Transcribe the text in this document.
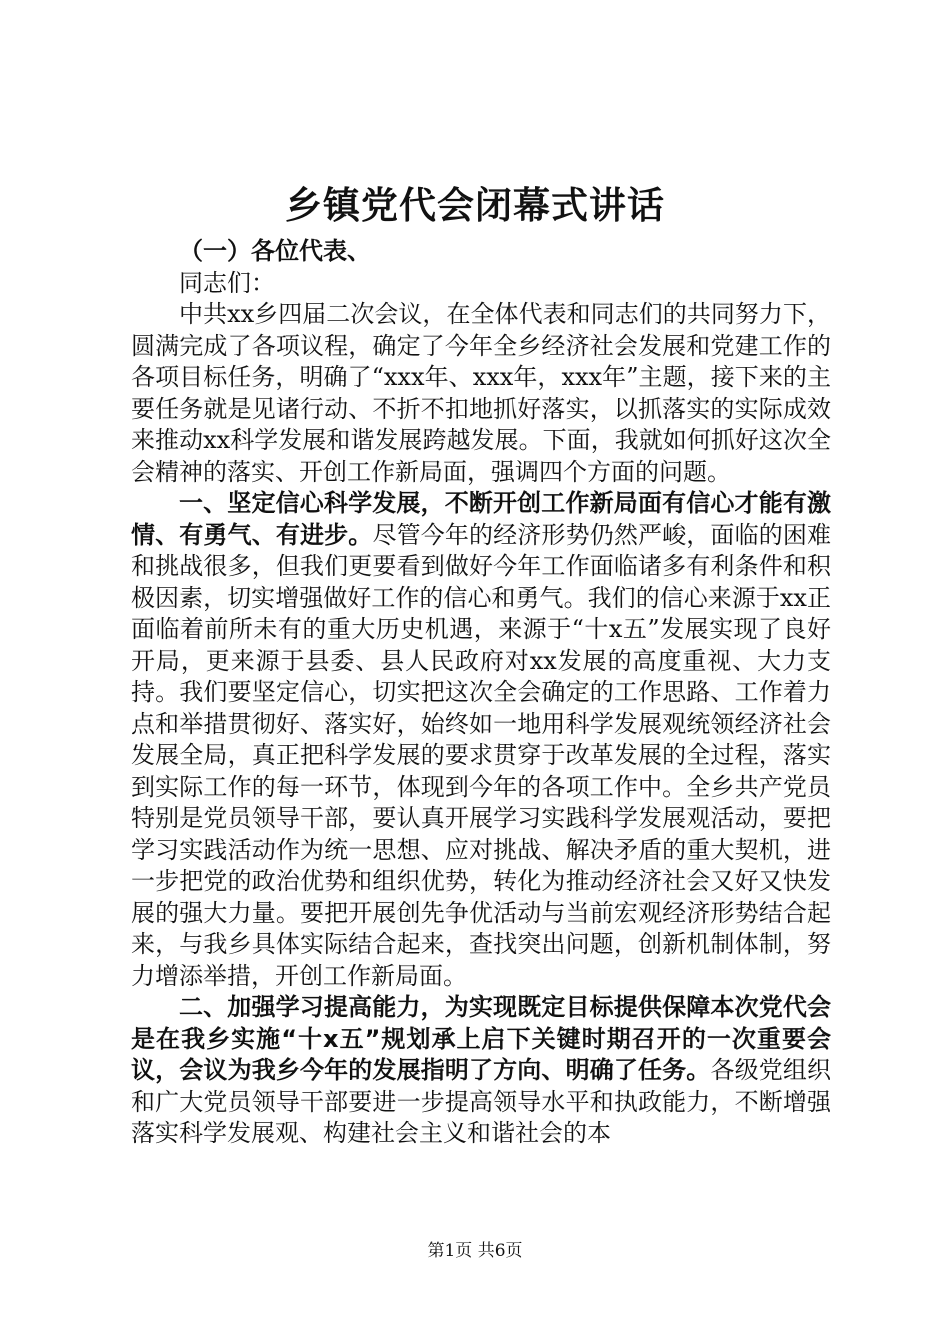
乡镇党代会闭幕式讲话

（一）各位代表、

同志们：

中共xx乡四届二次会议，在全体代表和同志们的共同努力下，圆满完成了各项议程，确定了今年全乡经济社会发展和党建工作的各项目标任务，明确了“xxx年、xxx年，xxx年”主题，接下来的主要任务就是见诸行动、不折不扣地抓好落实，以抓落实的实际成效来推动xx科学发展和谐发展跨越发展。下面，我就如何抓好这次全会精神的落实、开创工作新局面，强调四个方面的问题。

一、坚定信心科学发展，不断开创工作新局面有信心才能有激情、有勇气、有进步。尽管今年的经济形势仍然严峻，面临的困难和挑战很多，但我们更要看到做好今年工作面临诸多有利条件和积极因素，切实增强做好工作的信心和勇气。我们的信心来源于xx正面临着前所未有的重大历史机遇，来源于“十x五”发展实现了良好开局，更来源于县委、县人民政府对xx发展的高度重视、大力支持。我们要坚定信心，切实把这次全会确定的工作思路、工作着力点和举措贯彻好、落实好，始终如一地用科学发展观统领经济社会发展全局，真正把科学发展的要求贯穿于改革发展的全过程，落实到实际工作的每一环节，体现到今年的各项工作中。全乡共产党员特别是党员领导干部，要认真开展学习实践科学发展观活动，要把学习实践活动作为统一思想、应对挑战、解决矛盾的重大契机，进一步把党的政治优势和组织优势，转化为推动经济社会又好又快发展的强大力量。要把开展创先争优活动与当前宏观经济形势结合起来，与我乡具体实际结合起来，查找突出问题，创新机制体制，努力增添举措，开创工作新局面。

二、加强学习提高能力，为实现既定目标提供保障本次党代会是在我乡实施“十x五”规划承上启下关键时期召开的一次重要会议，会议为我乡今年的发展指明了方向、明确了任务。各级党组织和广大党员领导干部要进一步提高领导水平和执政能力，不断增强落实科学发展观、构建社会主义和谐社会的本

第1页 共6页
